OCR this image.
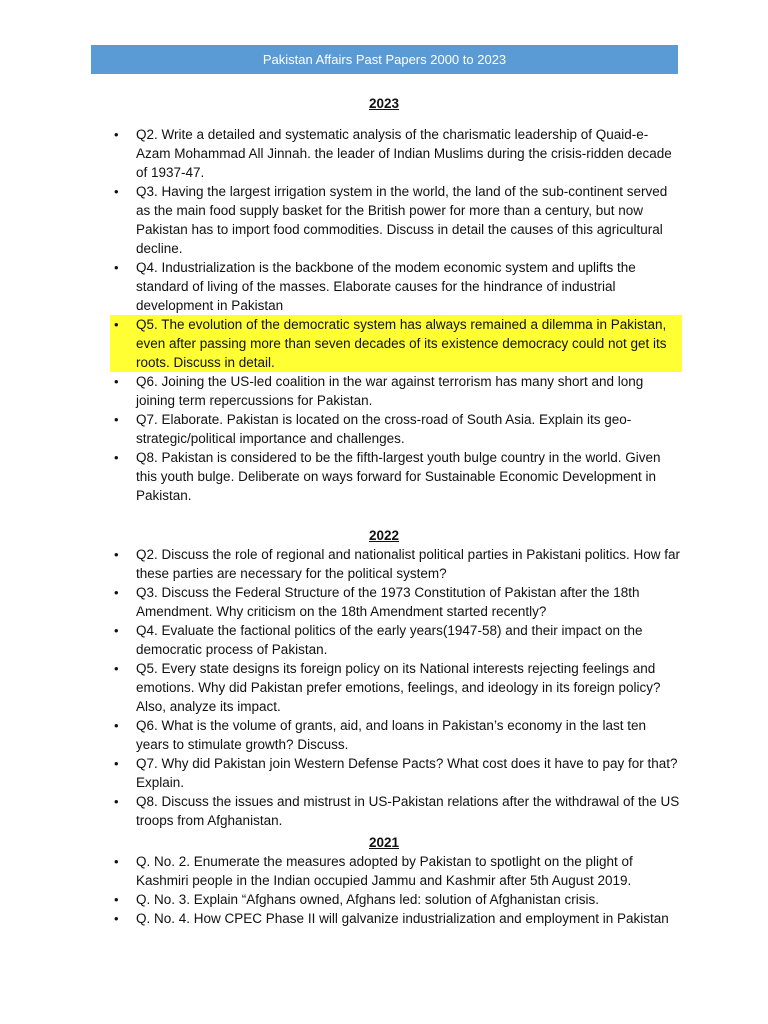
Pakistan Affairs Past Papers 2000 to 2023
2023
• Q2. Write a detailed and systematic analysis of the charismatic leadership of Quaid-e-Azam Mohammad All Jinnah. the leader of Indian Muslims during the crisis-ridden decade of 1937-47.
• Q3. Having the largest irrigation system in the world, the land of the sub-continent served as the main food supply basket for the British power for more than a century, but now Pakistan has to import food commodities. Discuss in detail the causes of this agricultural decline.
• Q4. Industrialization is the backbone of the modem economic system and uplifts the standard of living of the masses. Elaborate causes for the hindrance of industrial development in Pakistan
• Q5. The evolution of the democratic system has always remained a dilemma in Pakistan, even after passing more than seven decades of its existence democracy could not get its roots. Discuss in detail.
• Q6. Joining the US-led coalition in the war against terrorism has many short and long joining term repercussions for Pakistan.
• Q7. Elaborate. Pakistan is located on the cross-road of South Asia. Explain its geo-strategic/political importance and challenges.
• Q8. Pakistan is considered to be the fifth-largest youth bulge country in the world. Given this youth bulge. Deliberate on ways forward for Sustainable Economic Development in Pakistan.
2022
• Q2. Discuss the role of regional and nationalist political parties in Pakistani politics. How far these parties are necessary for the political system?
• Q3. Discuss the Federal Structure of the 1973 Constitution of Pakistan after the 18th Amendment. Why criticism on the 18th Amendment started recently?
• Q4. Evaluate the factional politics of the early years(1947-58) and their impact on the democratic process of Pakistan.
• Q5. Every state designs its foreign policy on its National interests rejecting feelings and emotions. Why did Pakistan prefer emotions, feelings, and ideology in its foreign policy? Also, analyze its impact.
• Q6. What is the volume of grants, aid, and loans in Pakistan’s economy in the last ten years to stimulate growth? Discuss.
• Q7. Why did Pakistan join Western Defense Pacts? What cost does it have to pay for that? Explain.
• Q8. Discuss the issues and mistrust in US-Pakistan relations after the withdrawal of the US troops from Afghanistan.
2021
• Q. No. 2. Enumerate the measures adopted by Pakistan to spotlight on the plight of Kashmiri people in the Indian occupied Jammu and Kashmir after 5th August 2019.
• Q. No. 3. Explain “Afghans owned, Afghans led: solution of Afghanistan crisis.
• Q. No. 4. How CPEC Phase II will galvanize industrialization and employment in Pakistan
